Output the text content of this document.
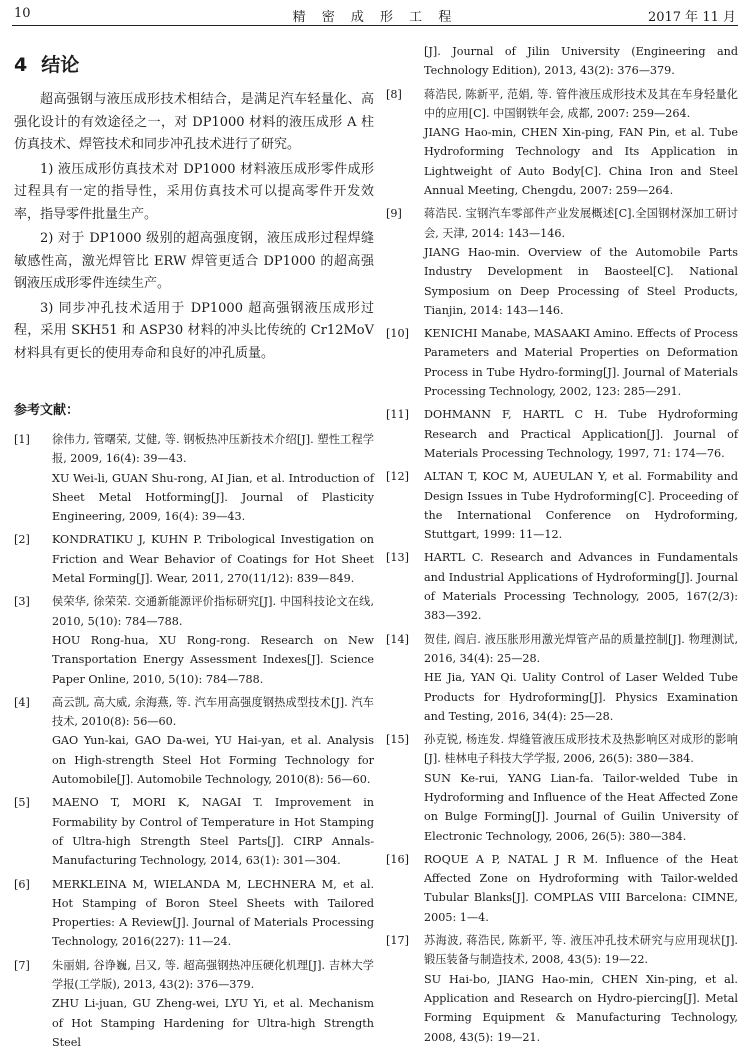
10	精 密 成 形 工 程	2017 年 11 月
4 结论

超高强钢与液压成形技术相结合，是满足汽车轻量化、高强化设计的有效途径之一，对 DP1000 材料的液压成形 A 柱仿真技术、焊管技术和同步冲孔技术进行了研究。

1) 液压成形仿真技术对 DP1000 材料液压成形零件成形过程具有一定的指导性，采用仿真技术可以提高零件开发效率，指导零件批量生产。

2) 对于 DP1000 级别的超高强度钢，液压成形过程焊缝敏感性高，激光焊管比 ERW 焊管更适合 DP1000 的超高强钢液压成形零件连续生产。

3) 同步冲孔技术适用于 DP1000 超高强钢液压成形过程，采用 SKH51 和 ASP30 材料的冲头比传统的 Cr12MoV 材料具有更长的使用寿命和良好的冲孔质量。

参考文献：
[1]	徐伟力, 管曙荣, 艾健, 等. 钢板热冲压新技术介绍[J]. 塑性工程学报, 2009, 16(4): 39—43.
XU Wei-li, GUAN Shu-rong, AI Jian, et al. Introduction of Sheet Metal Hotforming[J]. Journal of Plasticity Engineering, 2009, 16(4): 39—43.
[2]	KONDRATIKU J, KUHN P. Tribological Investigation on Friction and Wear Behavior of Coatings for Hot Sheet Metal Forming[J]. Wear, 2011, 270(11/12): 839—849.
[3]	侯荣华, 徐荣荣. 交通新能源评价指标研究[J]. 中国科技论文在线, 2010, 5(10): 784—788.
HOU Rong-hua, XU Rong-rong. Research on New Transportation Energy Assessment Indexes[J]. Science Paper Online, 2010, 5(10): 784—788.
[4]	高云凯, 高大威, 余海燕, 等. 汽车用高强度钢热成型技术[J]. 汽车技术, 2010(8): 56—60.
GAO Yun-kai, GAO Da-wei, YU Hai-yan, et al. Analysis on High-strength Steel Hot Forming Technology for Automobile[J]. Automobile Technology, 2010(8): 56—60.
[5]	MAENO T, MORI K, NAGAI T. Improvement in Formability by Control of Temperature in Hot Stamping of Ultra-high Strength Steel Parts[J]. CIRP Annals-Manufacturing Technology, 2014, 63(1): 301—304.
[6]	MERKLEINA M, WIELANDA M, LECHNERA M, et al. Hot Stamping of Boron Steel Sheets with Tailored Properties: A Review[J]. Journal of Materials Processing Technology, 2016(227): 11—24.
[7]	朱丽娟, 谷诤巍, 吕又, 等. 超高强钢热冲压硬化机理[J]. 吉林大学学报(工学版), 2013, 43(2): 376—379.
ZHU Li-juan, GU Zheng-wei, LYU Yi, et al. Mechanism of Hot Stamping Hardening for Ultra-high Strength Steel
[J]. Journal of Jilin University (Engineering and Technology Edition), 2013, 43(2): 376—379.
[8]	蒋浩民, 陈新平, 范娟, 等. 管件液压成形技术及其在车身轻量化中的应用[C]. 中国钢铁年会, 成都, 2007: 259—264.
JIANG Hao-min, CHEN Xin-ping, FAN Pin, et al. Tube Hydroforming Technology and Its Application in Lightweight of Auto Body[C]. China Iron and Steel Annual Meeting, Chengdu, 2007: 259—264.
[9]	蒋浩民. 宝钢汽车零部件产业发展概述[C].全国钢材深加工研讨会, 天津, 2014: 143—146.
JIANG Hao-min. Overview of the Automobile Parts Industry Development in Baosteel[C]. National Symposium on Deep Processing of Steel Products, Tianjin, 2014: 143—146.
[10]	KENICHI Manabe, MASAAKI Amino. Effects of Process Parameters and Material Properties on Deformation Process in Tube Hydro-forming[J]. Journal of Materials Processing Technology, 2002, 123: 285—291.
[11]	DOHMANN F, HARTL C H. Tube Hydroforming Research and Practical Application[J]. Journal of Materials Processing Technology, 1997, 71: 174—76.
[12]	ALTAN T, KOC M, AUEULAN Y, et al. Formability and Design Issues in Tube Hydroforming[C]. Proceeding of the International Conference on Hydroforming, Stuttgart, 1999: 11—12.
[13]	HARTL C. Research and Advances in Fundamentals and Industrial Applications of Hydroforming[J]. Journal of Materials Processing Technology, 2005, 167(2/3): 383—392.
[14]	贺佳, 阎启. 液压胀形用激光焊管产品的质量控制[J]. 物理测试, 2016, 34(4): 25—28.
HE Jia, YAN Qi. Uality Control of Laser Welded Tube Products for Hydroforming[J]. Physics Examination and Testing, 2016, 34(4): 25—28.
[15]	孙克锐, 杨连发. 焊缝管液压成形技术及热影响区对成形的影响[J]. 桂林电子科技大学学报, 2006, 26(5): 380—384.
SUN Ke-rui, YANG Lian-fa. Tailor-welded Tube in Hydroforming and Influence of the Heat Affected Zone on Bulge Forming[J]. Journal of Guilin University of Electronic Technology, 2006, 26(5): 380—384.
[16]	ROQUE A P, NATAL J R M. Influence of the Heat Affected Zone on Hydroforming with Tailor-welded Tubular Blanks[J]. COMPLAS VIII Barcelona: CIMNE, 2005: 1—4.
[17]	苏海波, 蒋浩民, 陈新平, 等. 液压冲孔技术研究与应用现状[J]. 锻压装备与制造技术, 2008, 43(5): 19—22.
SU Hai-bo, JIANG Hao-min, CHEN Xin-ping, et al. Application and Research on Hydro-piercing[J]. Metal Forming Equipment & Manufacturing Technology, 2008, 43(5): 19—21.
